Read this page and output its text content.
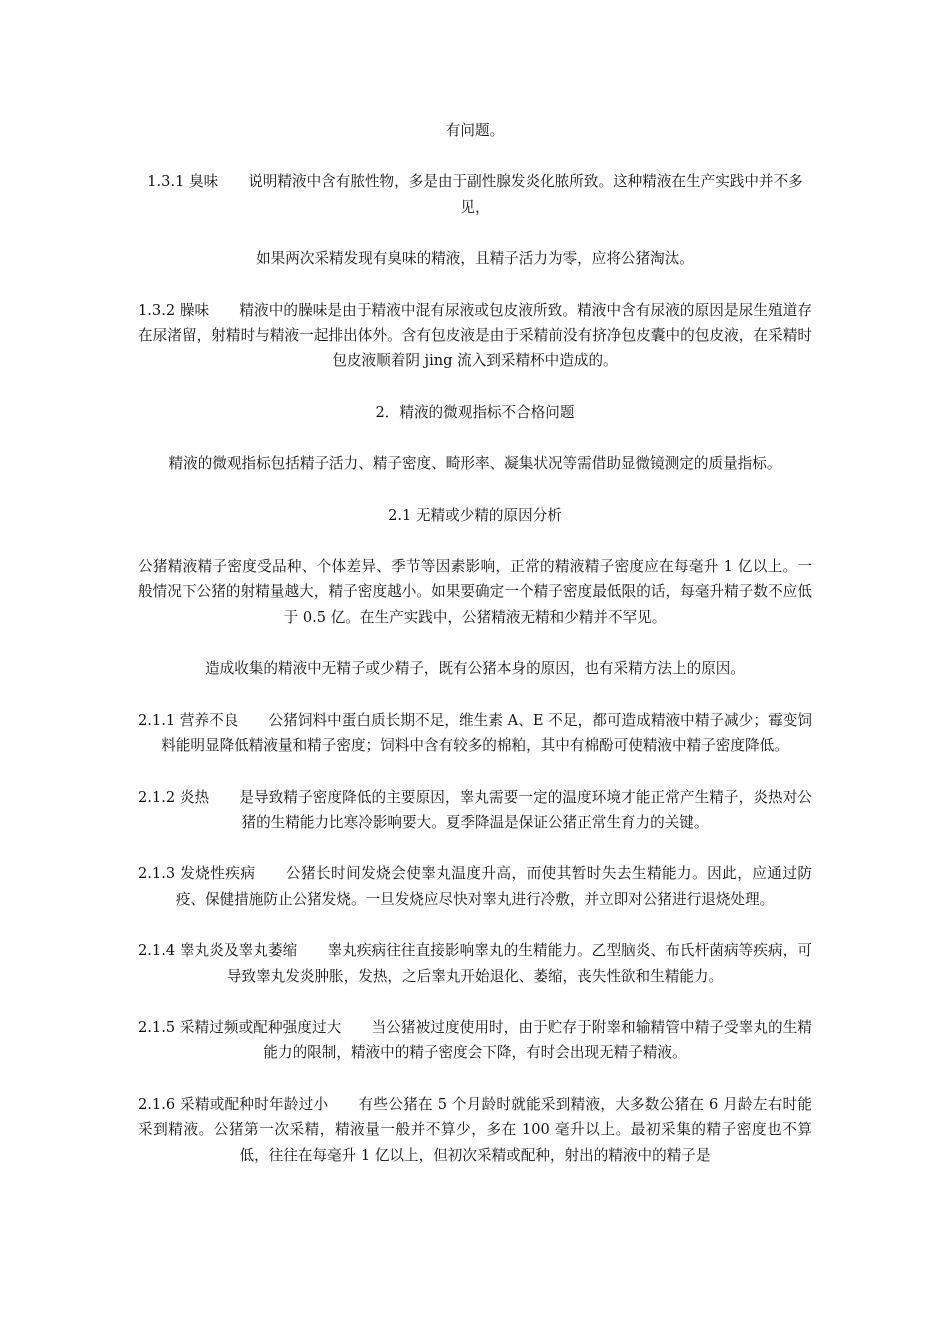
有问题。

1.3.1 臭味 说明精液中含有脓性物，多是由于副性腺发炎化脓所致。这种精液在生产实践中并不多见，

如果两次采精发现有臭味的精液，且精子活力为零，应将公猪淘汰。

1.3.2 臊味 精液中的臊味是由于精液中混有尿液或包皮液所致。精液中含有尿液的原因是尿生殖道存在尿渚留，射精时与精液一起排出体外。含有包皮液是由于采精前没有挤净包皮囊中的包皮液，在采精时包皮液顺着阴 jing 流入到采精杯中造成的。

2．精液的微观指标不合格问题

精液的微观指标包括精子活力、精子密度、畸形率、凝集状况等需借助显微镜测定的质量指标。

2.1 无精或少精的原因分析

公猪精液精子密度受品种、个体差异、季节等因素影响，正常的精液精子密度应在每毫升 1 亿以上。一般情况下公猪的射精量越大，精子密度越小。如果要确定一个精子密度最低限的话，每毫升精子数不应低于 0.5 亿。在生产实践中，公猪精液无精和少精并不罕见。

造成收集的精液中无精子或少精子，既有公猪本身的原因，也有采精方法上的原因。

2.1.1 营养不良 公猪饲料中蛋白质长期不足，维生素 A、E 不足，都可造成精液中精子减少；霉变饲料能明显降低精液量和精子密度；饲料中含有较多的棉粕，其中有棉酚可使精液中精子密度降低。

2.1.2 炎热 是导致精子密度降低的主要原因，睾丸需要一定的温度环境才能正常产生精子，炎热对公猪的生精能力比寒冷影响要大。夏季降温是保证公猪正常生育力的关键。

2.1.3 发烧性疾病 公猪长时间发烧会使睾丸温度升高，而使其暂时失去生精能力。因此，应通过防疫、保健措施防止公猪发烧。一旦发烧应尽快对睾丸进行冷敷，并立即对公猪进行退烧处理。

2.1.4 睾丸炎及睾丸萎缩 睾丸疾病往往直接影响睾丸的生精能力。乙型脑炎、布氏杆菌病等疾病，可导致睾丸发炎肿胀，发热，之后睾丸开始退化、萎缩，丧失性欲和生精能力。

2.1.5 采精过频或配种强度过大 当公猪被过度使用时，由于贮存于附睾和输精管中精子受睾丸的生精能力的限制，精液中的精子密度会下降，有时会出现无精子精液。

2.1.6 采精或配种时年龄过小 有些公猪在 5 个月龄时就能采到精液，大多数公猪在 6 月龄左右时能采到精液。公猪第一次采精，精液量一般并不算少，多在 100 毫升以上。最初采集的精子密度也不算低，往往在每毫升 1 亿以上，但初次采精或配种，射出的精液中的精子是
